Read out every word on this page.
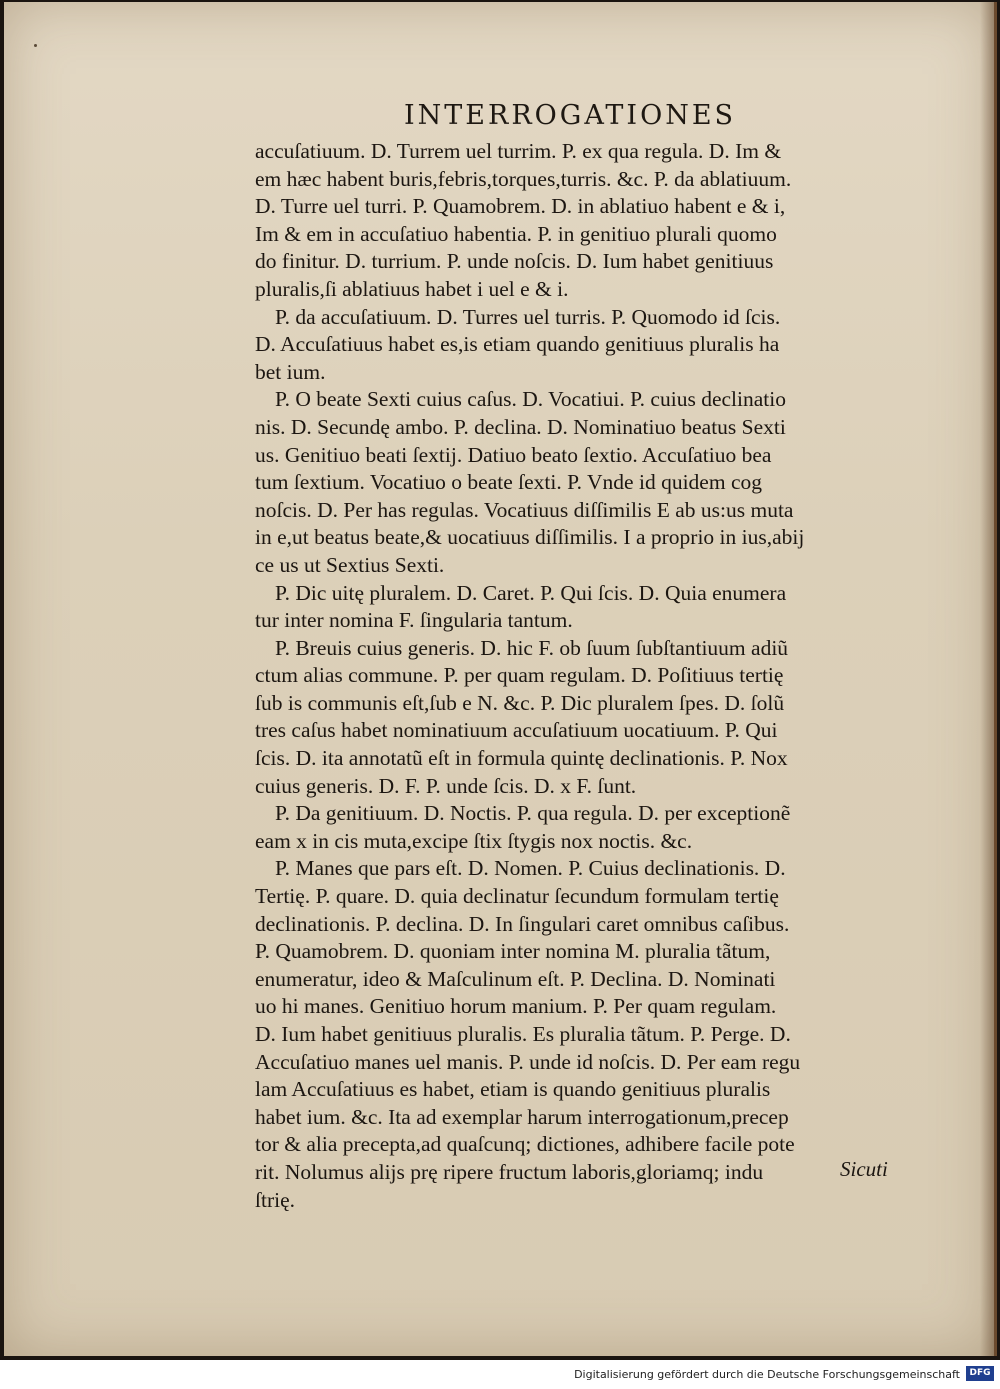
INTERROGATIONES
accuſatiuum. D. Turrem uel turrim. P. ex qua regula. D. Im &
em hæc habent buris,febris,torques,turris. &c. P. da ablatiuum.
D. Turre uel turri. P. Quamobrem. D. in ablatiuo habent e & i,
Im & em in accuſatiuo habentia. P. in genitiuo plurali quomo
do finitur. D. turrium. P. unde noſcis. D. Ium habet genitiuus
pluralis,ſi ablatiuus habet i uel e & i.
P. da accuſatiuum. D. Turres uel turris. P. Quomodo id ſcis.
D. Accuſatiuus habet es,is etiam quando genitiuus pluralis ha
bet ium.
P. O beate Sexti cuius caſus. D. Vocatiui. P. cuius declinatio
nis. D. Secundę ambo. P. declina. D. Nominatiuo beatus Sexti
us. Genitiuo beati ſextij. Datiuo beato ſextio. Accuſatiuo bea
tum ſextium. Vocatiuo o beate ſexti. P. Vnde id quidem cog
noſcis. D. Per has regulas. Vocatiuus diſſimilis E ab us:us muta
in e,ut beatus beate,& uocatiuus diſſimilis. I a proprio in ius,abij
ce us ut Sextius Sexti.
P. Dic uitę pluralem. D. Caret. P. Qui ſcis. D. Quia enumera
tur inter nomina F. ſingularia tantum.
P. Breuis cuius generis. D. hic F. ob ſuum ſubſtantiuum adiũ
ctum alias commune. P. per quam regulam. D. Poſitiuus tertię
ſub is communis eſt,ſub e N. &c. P. Dic pluralem ſpes. D. ſolũ
tres caſus habet nominatiuum accuſatiuum uocatiuum. P. Qui
ſcis. D. ita annotatũ eſt in formula quintę declinationis. P. Nox
cuius generis. D. F. P. unde ſcis. D. x F. ſunt.
P. Da genitiuum. D. Noctis. P. qua regula. D. per exceptionẽ
eam x in cis muta,excipe ſtix ſtygis nox noctis. &c.
P. Manes que pars eſt. D. Nomen. P. Cuius declinationis. D.
Tertię. P. quare. D. quia declinatur ſecundum formulam tertię
declinationis. P. declina. D. In ſingulari caret omnibus caſibus.
P. Quamobrem. D. quoniam inter nomina M. pluralia tãtum,
enumeratur, ideo & Maſculinum eſt. P. Declina. D. Nominati
uo hi manes. Genitiuo horum manium. P. Per quam regulam.
D. Ium habet genitiuus pluralis. Es pluralia tãtum. P. Perge. D.
Accuſatiuo manes uel manis. P. unde id noſcis. D. Per eam regu
lam Accuſatiuus es habet, etiam is quando genitiuus pluralis
habet ium. &c. Ita ad exemplar harum interrogationum,precep
tor & alia precepta,ad quaſcunq; dictiones, adhibere facile pote
rit. Nolumus alijs prę ripere fructum laboris,gloriamq; indu
ſtrię.
Sicuti
Digitalisierung gefördert durch die Deutsche Forschungsgemeinschaft	DFG
